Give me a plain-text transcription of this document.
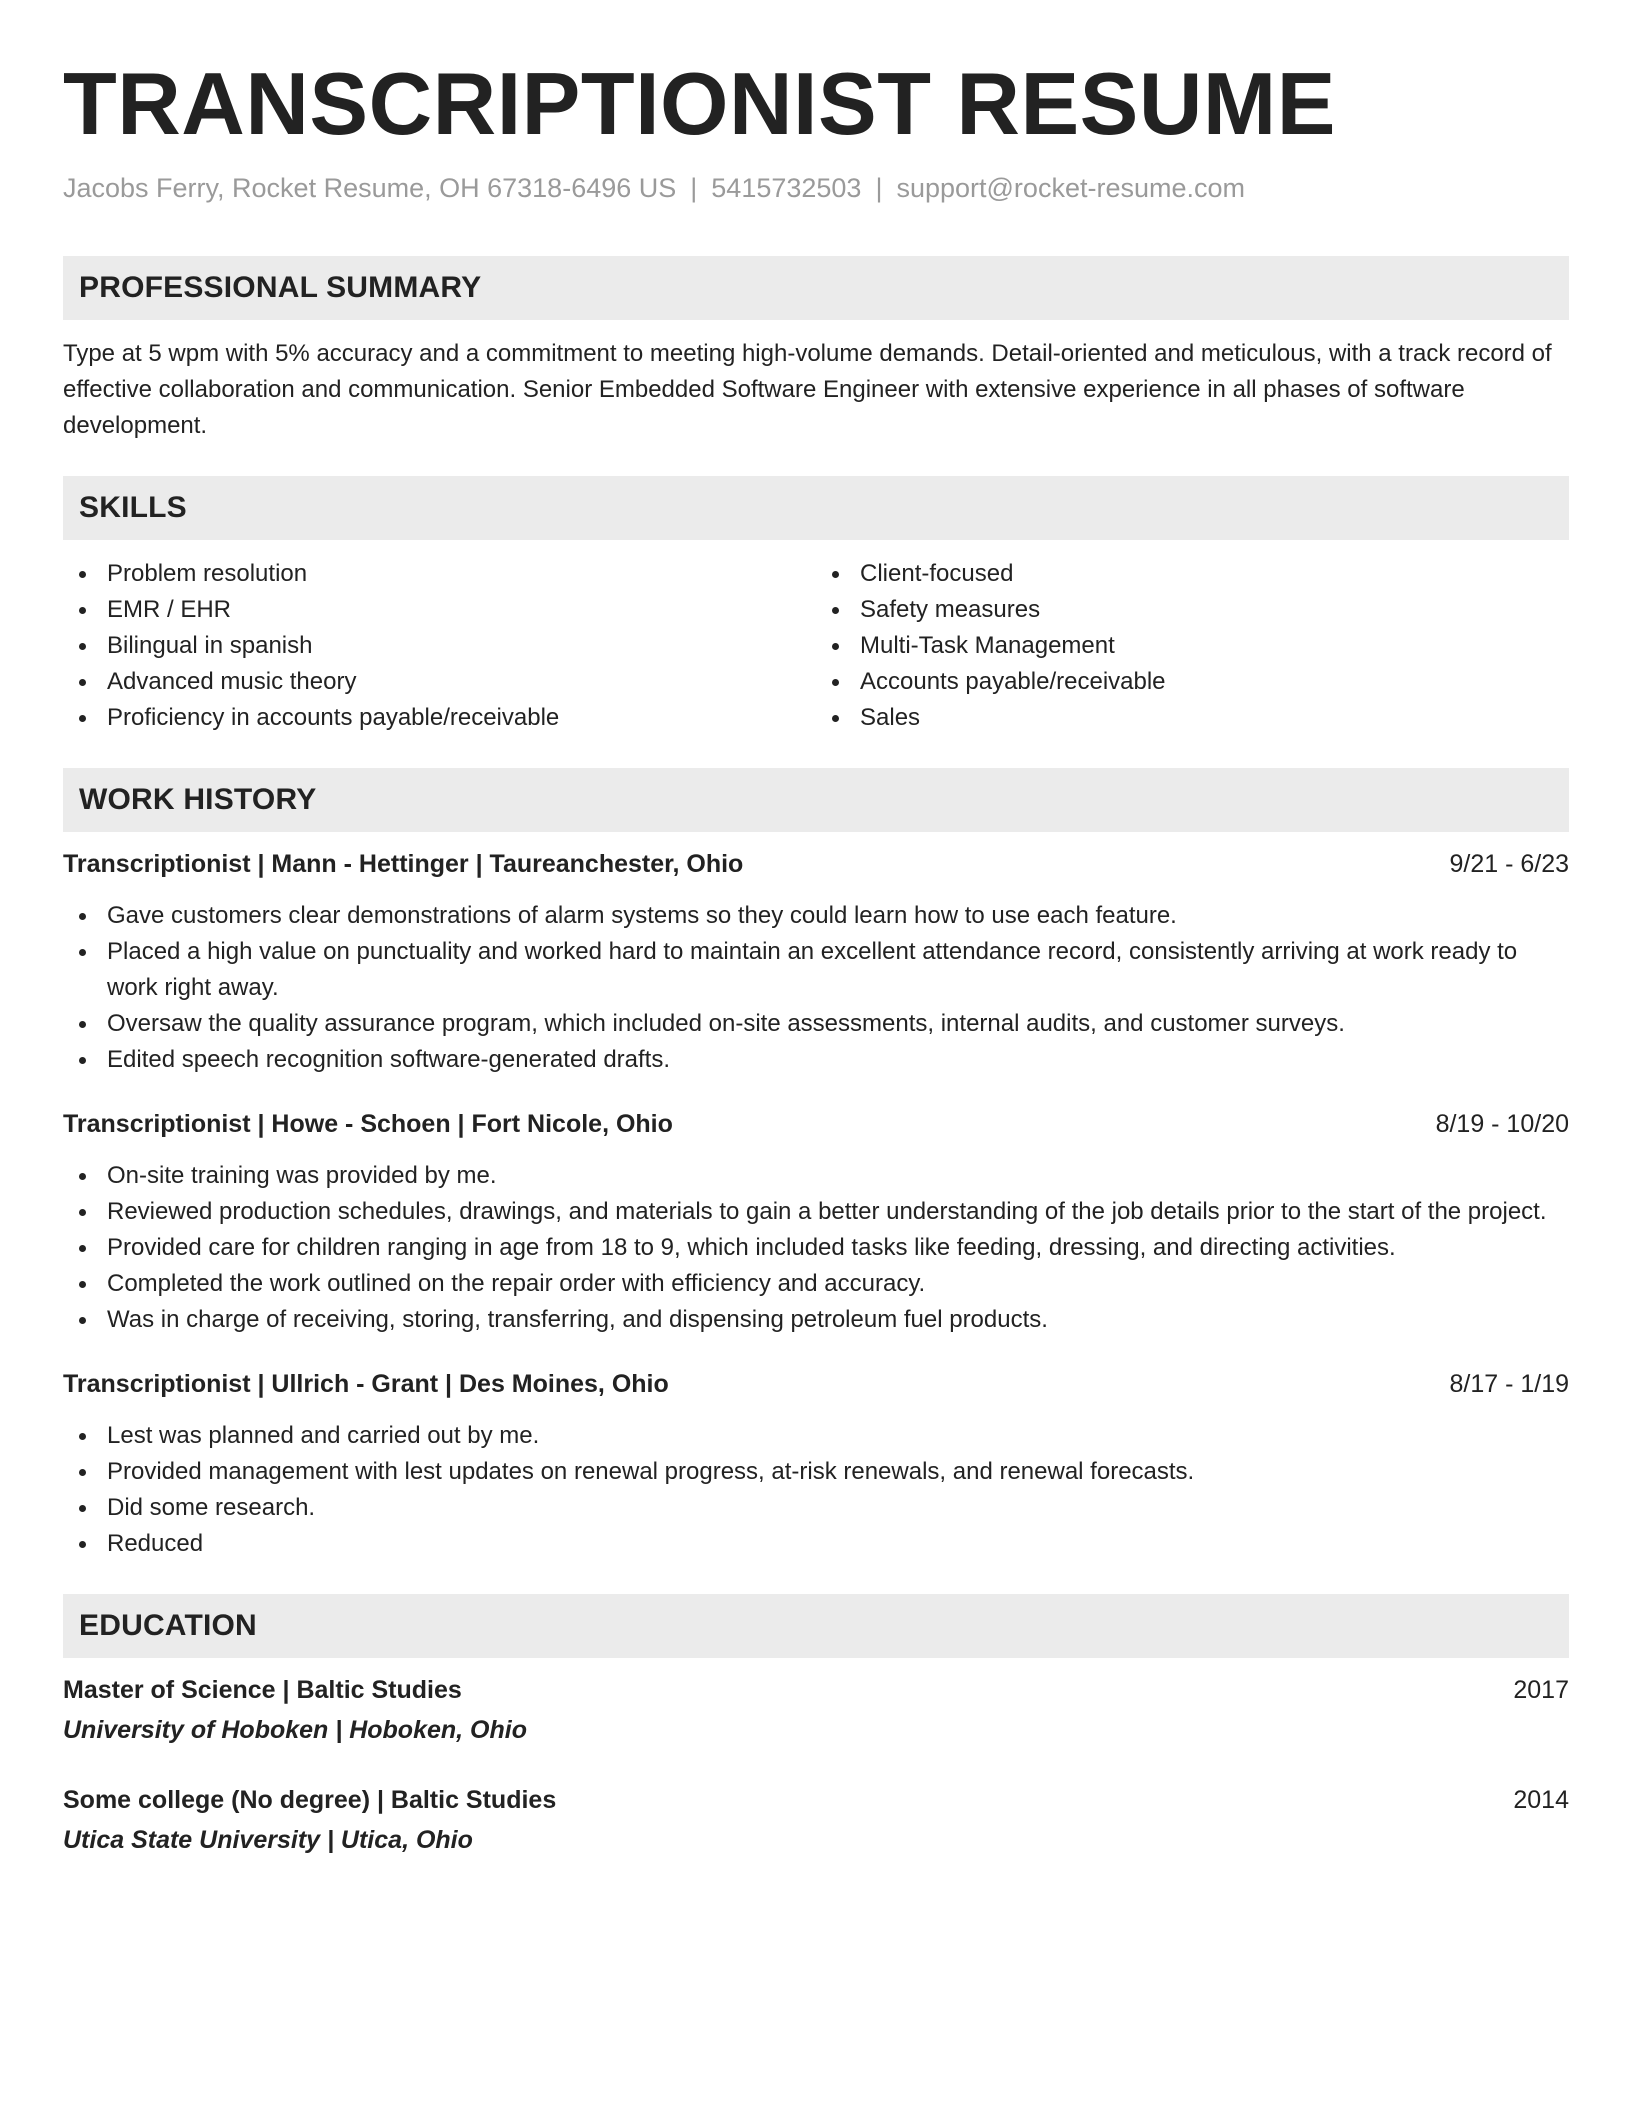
TRANSCRIPTIONIST RESUME
Jacobs Ferry, Rocket Resume, OH 67318-6496 US | 5415732503 | support@rocket-resume.com
PROFESSIONAL SUMMARY

Type at 5 wpm with 5% accuracy and a commitment to meeting high-volume demands. Detail-oriented and meticulous, with a track record of effective collaboration and communication. Senior Embedded Software Engineer with extensive experience in all phases of software development.

SKILLS
Problem resolution
EMR / EHR
Bilingual in spanish
Advanced music theory
Proficiency in accounts payable/receivable
Client-focused
Safety measures
Multi-Task Management
Accounts payable/receivable
Sales
WORK HISTORY
Transcriptionist | Mann - Hettinger | Taureanchester, Ohio	9/21 - 6/23
Gave customers clear demonstrations of alarm systems so they could learn how to use each feature.
Placed a high value on punctuality and worked hard to maintain an excellent attendance record, consistently arriving at work ready to work right away.
Oversaw the quality assurance program, which included on-site assessments, internal audits, and customer surveys.
Edited speech recognition software-generated drafts.
Transcriptionist | Howe - Schoen | Fort Nicole, Ohio	8/19 - 10/20
On-site training was provided by me.
Reviewed production schedules, drawings, and materials to gain a better understanding of the job details prior to the start of the project.
Provided care for children ranging in age from 18 to 9, which included tasks like feeding, dressing, and directing activities.
Completed the work outlined on the repair order with efficiency and accuracy.
Was in charge of receiving, storing, transferring, and dispensing petroleum fuel products.
Transcriptionist | Ullrich - Grant | Des Moines, Ohio	8/17 - 1/19
Lest was planned and carried out by me.
Provided management with lest updates on renewal progress, at-risk renewals, and renewal forecasts.
Did some research.
Reduced
EDUCATION
Master of Science | Baltic Studies	2017
University of Hoboken | Hoboken, Ohio
Some college (No degree) | Baltic Studies	2014
Utica State University | Utica, Ohio
